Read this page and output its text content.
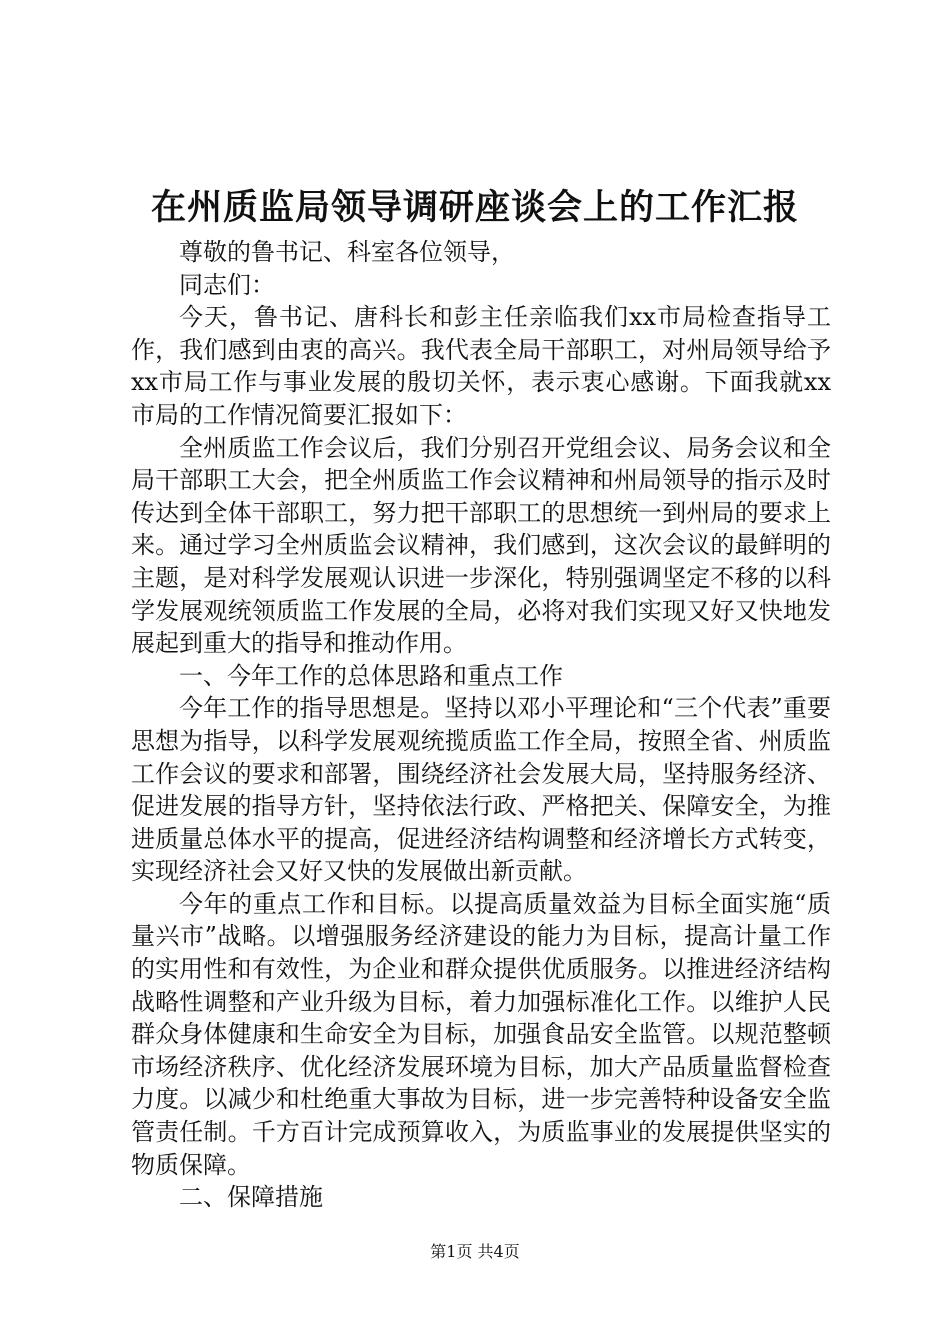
在州质监局领导调研座谈会上的工作汇报

尊敬的鲁书记、科室各位领导，

同志们：

今天，鲁书记、唐科长和彭主任亲临我们xx市局检查指导工作，我们感到由衷的高兴。我代表全局干部职工，对州局领导给予xx市局工作与事业发展的殷切关怀，表示衷心感谢。下面我就xx市局的工作情况简要汇报如下：

全州质监工作会议后，我们分别召开党组会议、局务会议和全局干部职工大会，把全州质监工作会议精神和州局领导的指示及时传达到全体干部职工，努力把干部职工的思想统一到州局的要求上来。通过学习全州质监会议精神，我们感到，这次会议的最鲜明的主题，是对科学发展观认识进一步深化，特别强调坚定不移的以科学发展观统领质监工作发展的全局，必将对我们实现又好又快地发展起到重大的指导和推动作用。

一、今年工作的总体思路和重点工作

今年工作的指导思想是。坚持以邓小平理论和“三个代表”重要思想为指导，以科学发展观统揽质监工作全局，按照全省、州质监工作会议的要求和部署，围绕经济社会发展大局，坚持服务经济、促进发展的指导方针，坚持依法行政、严格把关、保障安全，为推进质量总体水平的提高，促进经济结构调整和经济增长方式转变，实现经济社会又好又快的发展做出新贡献。

今年的重点工作和目标。以提高质量效益为目标全面实施“质量兴市”战略。以增强服务经济建设的能力为目标，提高计量工作的实用性和有效性，为企业和群众提供优质服务。以推进经济结构战略性调整和产业升级为目标，着力加强标准化工作。以维护人民群众身体健康和生命安全为目标，加强食品安全监管。以规范整顿市场经济秩序、优化经济发展环境为目标，加大产品质量监督检查力度。以减少和杜绝重大事故为目标，进一步完善特种设备安全监管责任制。千方百计完成预算收入，为质监事业的发展提供坚实的物质保障。

二、保障措施

第1页 共4页
